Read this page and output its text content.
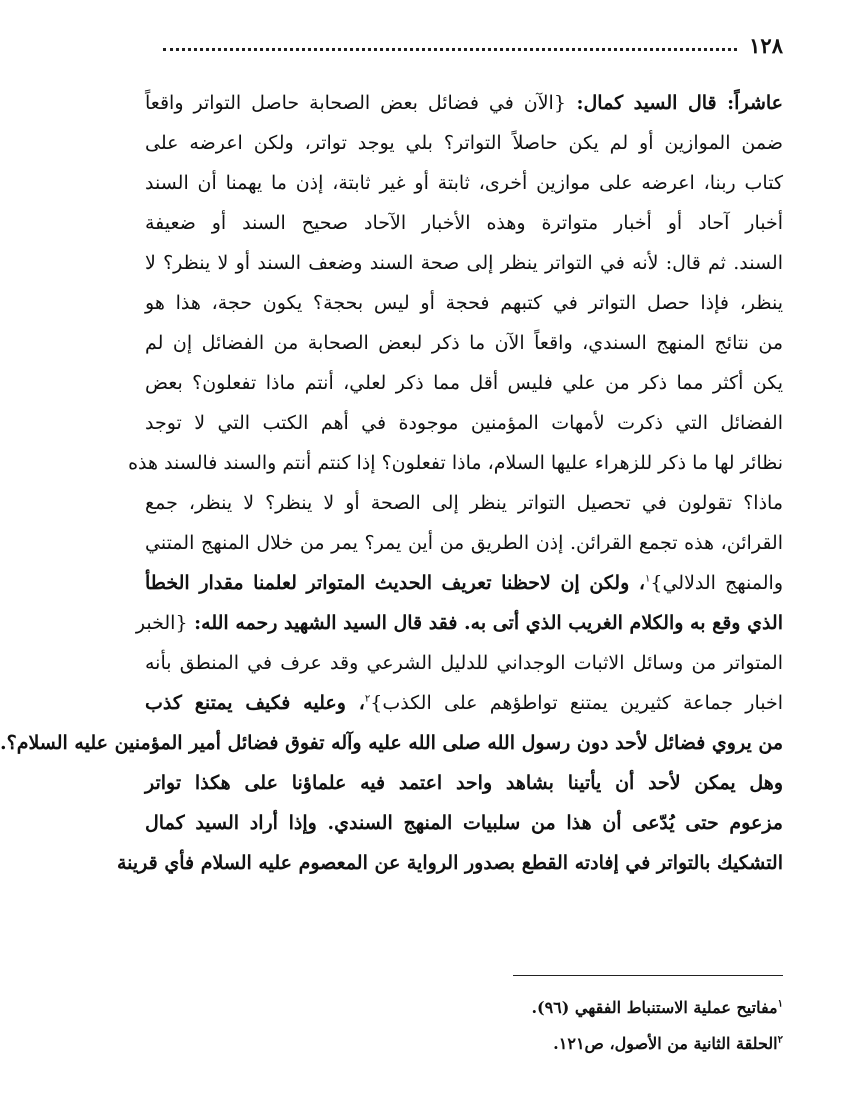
١٢٨
عاشراً: قال السيد كمال: {الآن في فضائل بعض الصحابة حاصل التواتر واقعاً
ضمن الموازين أو لم يكن حاصلاً التواتر؟ بلي يوجد تواتر، ولكن اعرضه على
كتاب ربنا، اعرضه على موازين أخرى، ثابتة أو غير ثابتة، إذن ما يهمنا أن السند
أخبار آحاد أو أخبار متواترة وهذه الأخبار الآحاد صحيح السند أو ضعيفة
السند. ثم قال: لأنه في التواتر ينظر إلى صحة السند وضعف السند أو لا ينظر؟ لا
ينظر، فإذا حصل التواتر في كتبهم فحجة أو ليس بحجة؟ يكون حجة، هذا هو
من نتائج المنهج السندي، واقعاً الآن ما ذكر لبعض الصحابة من الفضائل إن لم
يكن أكثر مما ذكر من علي فليس أقل مما ذكر لعلي، أنتم ماذا تفعلون؟ بعض
الفضائل التي ذكرت لأمهات المؤمنين موجودة في أهم الكتب التي لا توجد
نظائر لها ما ذكر للزهراء عليها السلام، ماذا تفعلون؟ إذا كنتم أنتم والسند فالسند هذه
ماذا؟ تقولون في تحصيل التواتر ينظر إلى الصحة أو لا ينظر؟ لا ينظر، جمع
القرائن، هذه تجمع القرائن. إذن الطريق من أين يمر؟ يمر من خلال المنهج المتني
والمنهج الدلالي}$^١$، ولكن إن لاحظنا تعريف الحديث المتواتر لعلمنا مقدار الخطأ
الذي وقع به والكلام الغريب الذي أتى به. فقد قال السيد الشهيد رحمه الله: {الخبر
المتواتر من وسائل الاثبات الوجداني للدليل الشرعي وقد عرف في المنطق بأنه
اخبار جماعة كثيرين يمتنع تواطؤهم على الكذب}$^٢$، وعليه فكيف يمتنع كذب
من يروي فضائل لأحد دون رسول الله صلى الله عليه وآله تفوق فضائل أمير المؤمنين عليه السلام؟.
وهل يمكن لأحد أن يأتينا بشاهد واحد اعتمد فيه علماؤنا على هكذا تواتر
مزعوم حتى يُدّعى أن هذا من سلبيات المنهج السندي. وإذا أراد السيد كمال
التشكيك بالتواتر في إفادته القطع بصدور الرواية عن المعصوم عليه السلام فأي قرينة
$^١$مفاتيح عملية الاستنباط الفقهي (٩٦).
$^٢$الحلقة الثانية من الأصول، ص١٢١.
